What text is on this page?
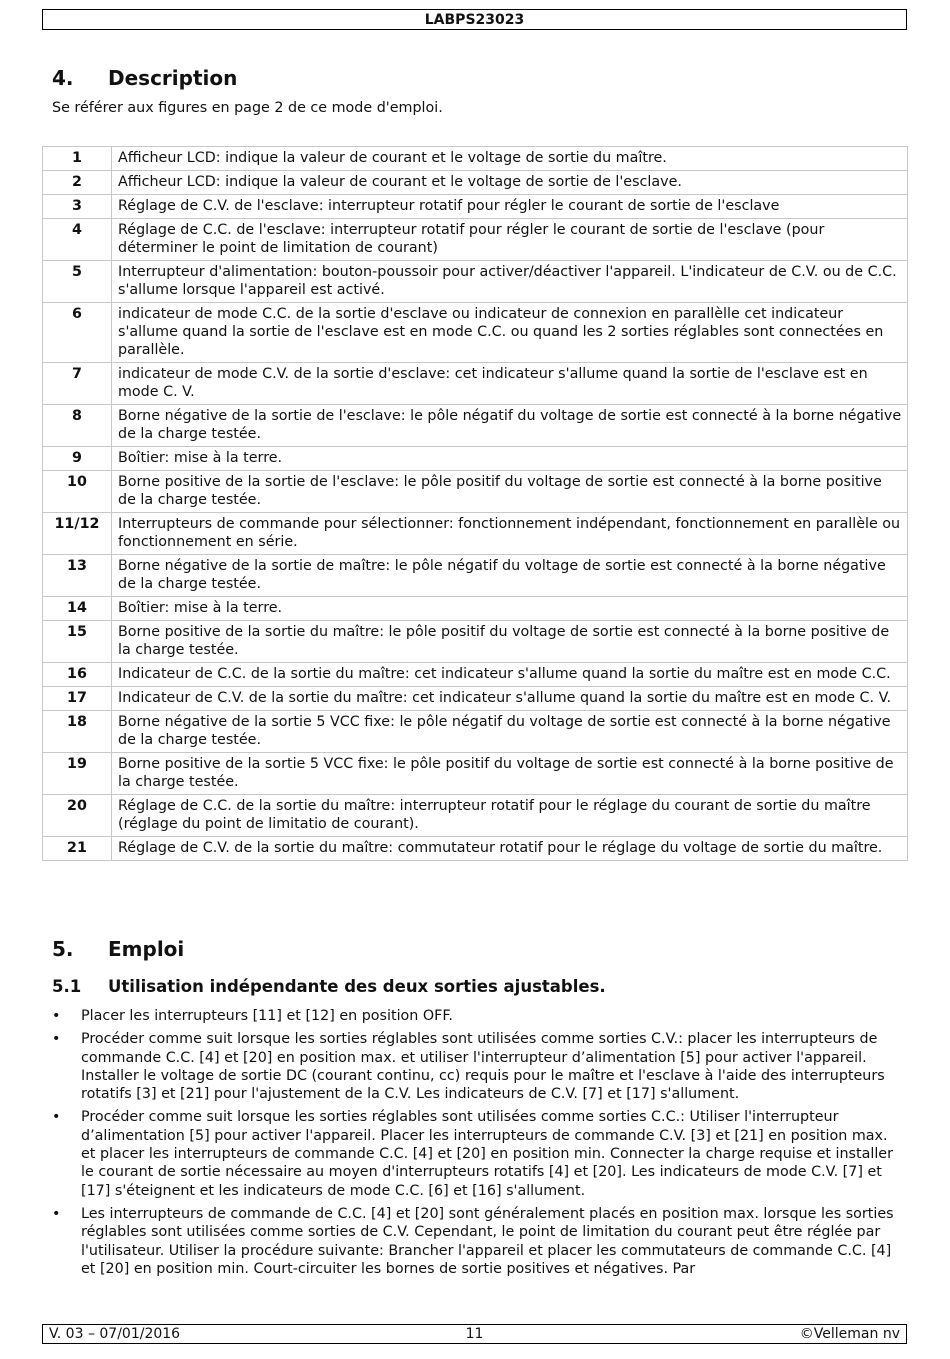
LABPS23023
4. Description
Se référer aux figures en page 2 de ce mode d'emploi.
1	Afficheur LCD: indique la valeur de courant et le voltage de sortie du maître.
2	Afficheur LCD: indique la valeur de courant et le voltage de sortie de l'esclave.
3	Réglage de C.V. de l'esclave: interrupteur rotatif pour régler le courant de sortie de l'esclave
4	Réglage de C.C. de l'esclave: interrupteur rotatif pour régler le courant de sortie de l'esclave (pour déterminer le point de limitation de courant)
5	Interrupteur d'alimentation: bouton-poussoir pour activer/déactiver l'appareil. L'indicateur de C.V. ou de C.C. s'allume lorsque l'appareil est activé.
6	indicateur de mode C.C. de la sortie d'esclave ou indicateur de connexion en parallèlle cet indicateur s'allume quand la sortie de l'esclave est en mode C.C. ou quand les 2 sorties réglables sont connectées en parallèle.
7	indicateur de mode C.V. de la sortie d'esclave: cet indicateur s'allume quand la sortie de l'esclave est en mode C. V.
8	Borne négative de la sortie de l'esclave: le pôle négatif du voltage de sortie est connecté à la borne négative de la charge testée.
9	Boîtier: mise à la terre.
10	Borne positive de la sortie de l'esclave: le pôle positif du voltage de sortie est connecté à la borne positive de la charge testée.
11/12	Interrupteurs de commande pour sélectionner: fonctionnement indépendant, fonctionnement en parallèle ou fonctionnement en série.
13	Borne négative de la sortie de maître: le pôle négatif du voltage de sortie est connecté à la borne négative de la charge testée.
14	Boîtier: mise à la terre.
15	Borne positive de la sortie du maître: le pôle positif du voltage de sortie est connecté à la borne positive de la charge testée.
16	Indicateur de C.C. de la sortie du maître: cet indicateur s'allume quand la sortie du maître est en mode C.C.
17	Indicateur de C.V. de la sortie du maître: cet indicateur s'allume quand la sortie du maître est en mode C. V.
18	Borne négative de la sortie 5 VCC fixe: le pôle négatif du voltage de sortie est connecté à la borne négative de la charge testée.
19	Borne positive de la sortie 5 VCC fixe: le pôle positif du voltage de sortie est connecté à la borne positive de la charge testée.
20	Réglage de C.C. de la sortie du maître: interrupteur rotatif pour le réglage du courant de sortie du maître (réglage du point de limitatio de courant).
21	Réglage de C.V. de la sortie du maître: commutateur rotatif pour le réglage du voltage de sortie du maître.
5. Emploi
5.1 Utilisation indépendante des deux sorties ajustables.
• Placer les interrupteurs [11] et [12] en position OFF.
• Procéder comme suit lorsque les sorties réglables sont utilisées comme sorties C.V.: placer les interrupteurs de commande C.C. [4] et [20] en position max. et utiliser l'interrupteur d’alimentation [5] pour activer l'appareil. Installer le voltage de sortie DC (courant continu, cc) requis pour le maître et l'esclave à l'aide des interrupteurs rotatifs [3] et [21] pour l'ajustement de la C.V. Les indicateurs de C.V. [7] et [17] s'allument.
• Procéder comme suit lorsque les sorties réglables sont utilisées comme sorties C.C.: Utiliser l'interrupteur d’alimentation [5] pour activer l'appareil. Placer les interrupteurs de commande C.V. [3] et [21] en position max. et placer les interrupteurs de commande C.C. [4] et [20] en position min. Connecter la charge requise et installer le courant de sortie nécessaire au moyen d'interrupteurs rotatifs [4] et [20]. Les indicateurs de mode C.V. [7] et [17] s'éteignent et les indicateurs de mode C.C. [6] et [16] s'allument.
• Les interrupteurs de commande de C.C. [4] et [20] sont généralement placés en position max. lorsque les sorties réglables sont utilisées comme sorties de C.V. Cependant, le point de limitation du courant peut être réglée par l'utilisateur. Utiliser la procédure suivante: Brancher l'appareil et placer les commutateurs de commande C.C. [4] et [20] en position min. Court-circuiter les bornes de sortie positives et négatives. Par
V. 03 – 07/01/2016	11	©Velleman nv
